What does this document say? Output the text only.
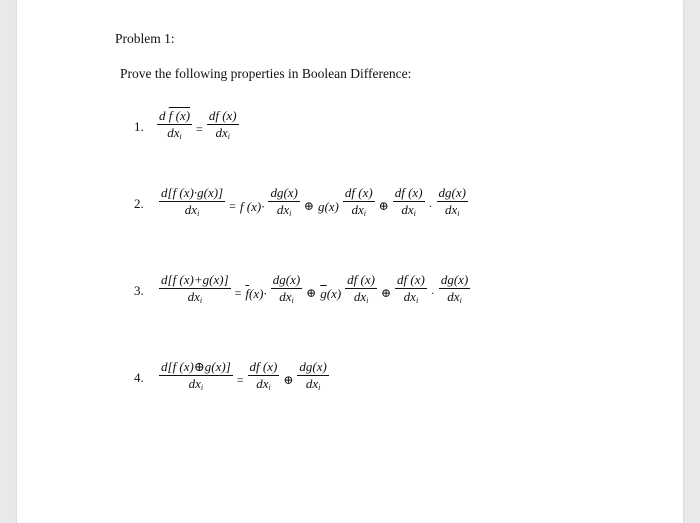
Problem 1:
Prove the following properties in Boolean Difference:
1. $\frac{\text{d f (x)}}{dx_i} = \frac{df (x)}{dx_i}$
2. $\frac{d[f (x)\cdot g(x)]}{dx_i} = f$ $(x)\cdot \frac{dg(x)}{dx_i}$ ⊕ $g(x) \frac{df (x)}{dx_i}$ ⊕ $\frac{df (x)}{dx_i} \cdot \frac{dg(x)}{dx_i}$
3. $\frac{d[f (x)+g(x)]}{dx_i} = \overline{f}(x)\cdot \frac{dg(x)}{dx_i}$ ⊕ $\overline{g}(x) \frac{df (x)}{dx_i}$ ⊕ $\frac{df (x)}{dx_i} \cdot \frac{dg(x)}{dx_i}$
4. $\frac{d[f (x)\oplus g(x)]}{dx_i} = \frac{df (x)}{dx_i}$ ⊕ $\frac{dg(x)}{dx_i}$
